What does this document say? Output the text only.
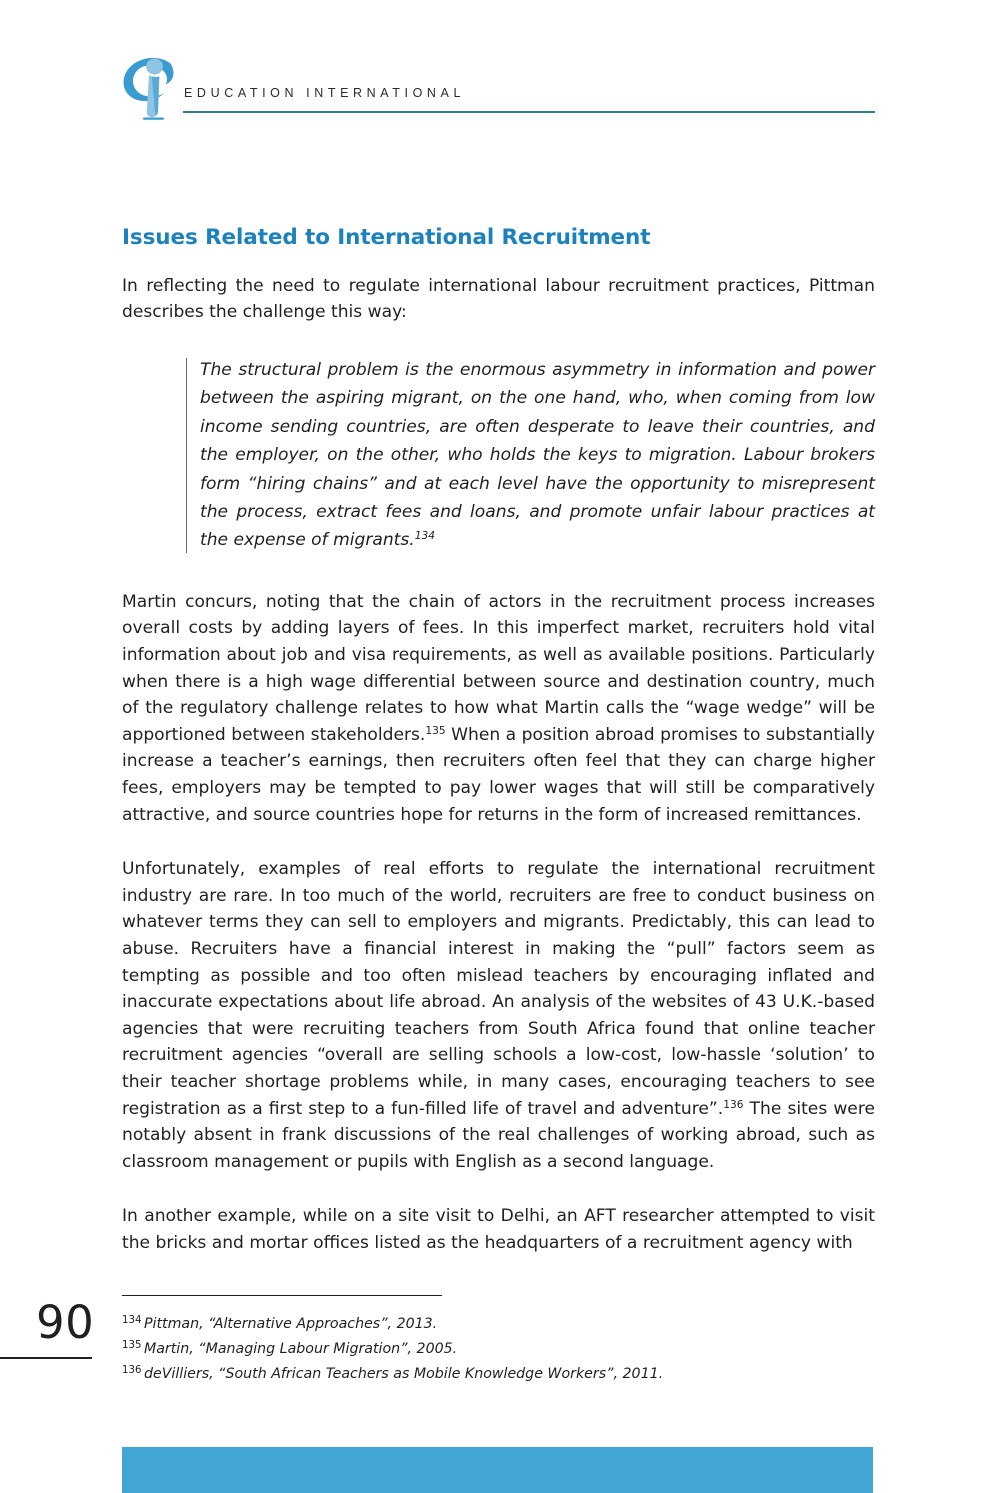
EDUCATION INTERNATIONAL
Issues Related to International Recruitment

In reflecting the need to regulate international labour recruitment practices, Pittman describes the challenge this way:

The structural problem is the enormous asymmetry in information and power between the aspiring migrant, on the one hand, who, when coming from low income sending countries, are often desperate to leave their countries, and the employer, on the other, who holds the keys to migration. Labour brokers form “hiring chains” and at each level have the opportunity to misrepresent the process, extract fees and loans, and promote unfair labour practices at the expense of migrants.$^{134}$

Martin concurs, noting that the chain of actors in the recruitment process increases overall costs by adding layers of fees. In this imperfect market, recruiters hold vital information about job and visa requirements, as well as available positions. Particularly when there is a high wage differential between source and destination country, much of the regulatory challenge relates to how what Martin calls the “wage wedge” will be apportioned between stakeholders.$^{135}$ When a position abroad promises to substantially increase a teacher’s earnings, then recruiters often feel that they can charge higher fees, employers may be tempted to pay lower wages that will still be comparatively attractive, and source countries hope for returns in the form of increased remittances.

Unfortunately, examples of real efforts to regulate the international recruitment industry are rare. In too much of the world, recruiters are free to conduct business on whatever terms they can sell to employers and migrants. Predictably, this can lead to abuse. Recruiters have a financial interest in making the “pull” factors seem as tempting as possible and too often mislead teachers by encouraging inflated and inaccurate expectations about life abroad. An analysis of the websites of 43 U.K.-based agencies that were recruiting teachers from South Africa found that online teacher recruitment agencies “overall are selling schools a low-cost, low-hassle ‘solution’ to their teacher shortage problems while, in many cases, encouraging teachers to see registration as a first step to a fun-filled life of travel and adventure”.$^{136}$ The sites were notably absent in frank discussions of the real challenges of working abroad, such as classroom management or pupils with English as a second language.

In another example, while on a site visit to Delhi, an AFT researcher attempted to visit the bricks and mortar offices listed as the headquarters of a recruitment agency with

90	$^{134}$ Pittman, “Alternative Approaches”, 2013.
$^{135}$ Martin, “Managing Labour Migration”, 2005.
$^{136}$ deVilliers, “South African Teachers as Mobile Knowledge Workers”, 2011.
